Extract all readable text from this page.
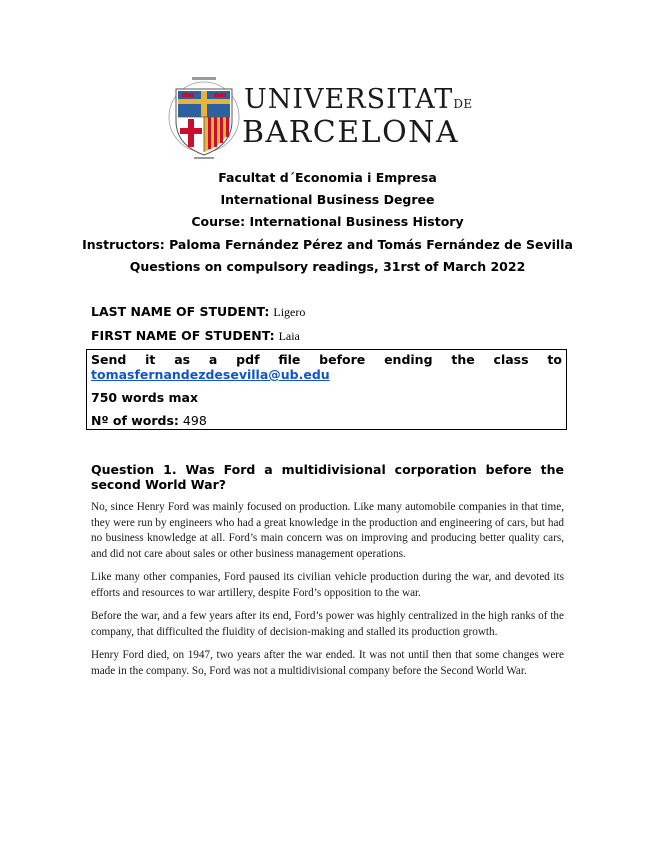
UNIVERSITATDE
BARCELONA
Facultat d´Economia i Empresa
International Business Degree
Course: International Business History
Instructors: Paloma Fernández Pérez and Tomás Fernández de Sevilla
Questions on compulsory readings, 31rst of March 2022
LAST NAME OF STUDENT: Ligero
FIRST NAME OF STUDENT: Laia
Send it as a pdf file before ending the class to
tomasfernandezdesevilla@ub.edu
750 words max
Nº of words: 498
Question 1. Was Ford a multidivisional corporation before the second World War?
No, since Henry Ford was mainly focused on production. Like many automobile companies in that time, they were run by engineers who had a great knowledge in the production and engineering of cars, but had no business knowledge at all. Ford’s main concern was on improving and producing better quality cars, and did not care about sales or other business management operations.
Like many other companies, Ford paused its civilian vehicle production during the war, and devoted its efforts and resources to war artillery, despite Ford’s opposition to the war.
Before the war, and a few years after its end, Ford’s power was highly centralized in the high ranks of the company, that difficulted the fluidity of decision-making and stalled its production growth.
Henry Ford died, on 1947, two years after the war ended. It was not until then that some changes were made in the company. So, Ford was not a multidivisional company before the Second World War.
